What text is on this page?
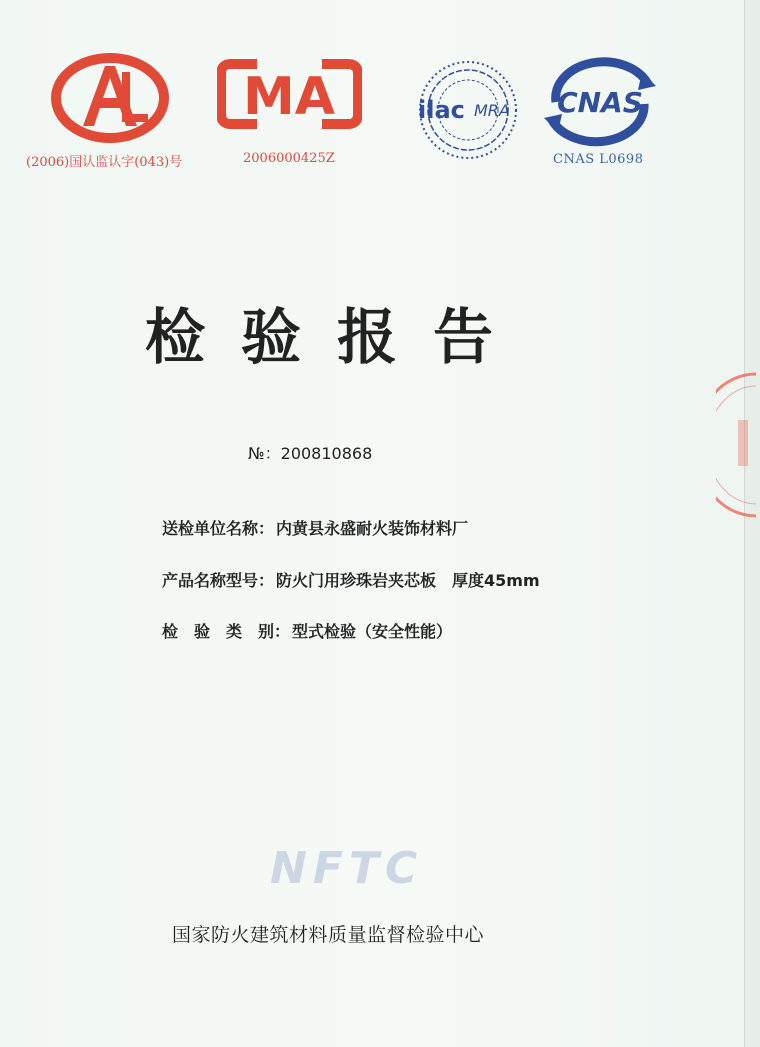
(2006)国认监认字(043)号
MA
2006000425Z
ilac MRA CNAS
CNAS L0698
检验报告
№：200810868
送检单位名称： 内黄县永盛耐火装饰材料厂
产品名称型号： 防火门用珍珠岩夹芯板　厚度45mm
检　验　类　别： 型式检验（安全性能）
NFTC
国家防火建筑材料质量监督检验中心
